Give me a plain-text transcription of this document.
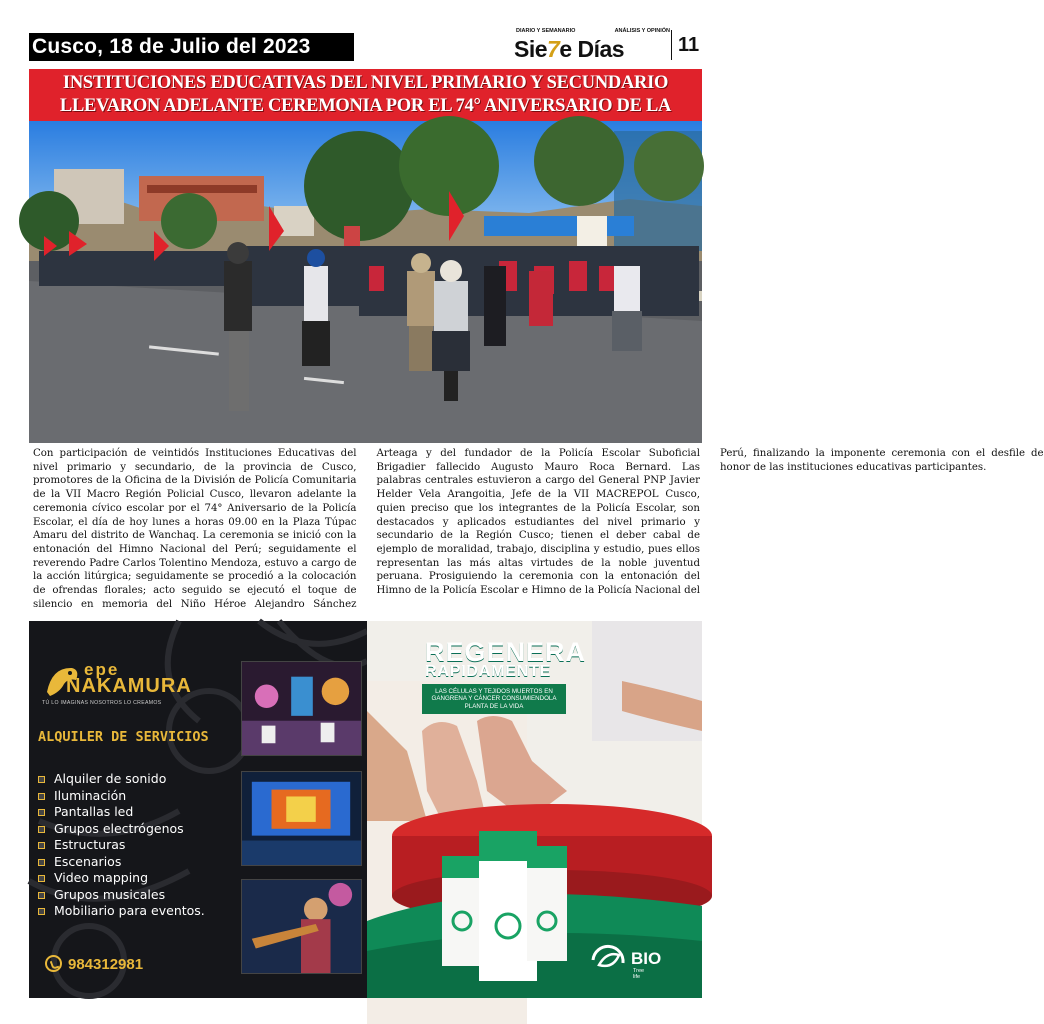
Cusco, 18 de Julio del 2023
DIARIO Y SEMANARIO	ANÁLISIS Y OPINIÓN
Sie7e Días	11
INSTITUCIONES EDUCATIVAS DEL NIVEL PRIMARIO Y SECUNDARIO LLEVARON ADELANTE CEREMONIA POR EL 74° ANIVERSARIO DE LA

Con participación de veintidós Instituciones Educativas del nivel primario y secundario, de la provincia de Cusco, promotores de la Oficina de la División de Policía Comunitaria de la VII Macro Región Policial Cusco, llevaron adelante la ceremonia cívico escolar por el 74° Aniversario de la Policía Escolar, el día de hoy lunes a horas 09.00 en la Plaza Túpac Amaru del distrito de Wanchaq. La ceremonia se inició con la entonación del Himno Nacional del Perú; seguidamente el reverendo Padre Carlos Tolentino Mendoza, estuvo a cargo de la acción litúrgica; seguidamente se procedió a la colocación de ofrendas florales; acto seguido se ejecutó el toque de silencio en memoria del Niño Héroe Alejandro Sánchez Arteaga y del fundador de la Policía Escolar Suboficial Brigadier fallecido Augusto Mauro Roca Bernard. Las palabras centrales estuvieron a cargo del General PNP Javier Helder Vela Arangoitia, Jefe de la VII MACREPOL Cusco, quien preciso que los integrantes de la Policía Escolar, son destacados y aplicados estudiantes del nivel primario y secundario de la Región Cusco; tienen el deber cabal de ejemplo de moralidad, trabajo, disciplina y estudio, pues ellos representan las más altas virtudes de la noble juventud peruana. Prosiguiendo la ceremonia con la entonación del Himno de la Policía Escolar e Himno de la Policía Nacional del Perú, finalizando la imponente ceremonia con el desfile de honor de las instituciones educativas participantes.

epe
NAKAMURA
TÚ LO IMAGINAS NOSOTROS LO CREAMOS
ALQUILER DE SERVICIOS
Alquiler de sonido
Iluminación
Pantallas led
Grupos electrógenos
Estructuras
Escenarios
Video mapping
Grupos musicales
Mobiliario para eventos.
984312981
REGENERA
RAPIDAMENTE
LAS CÉLULAS Y TEJIDOS MUERTOS EN GANGRENA Y CÁNCER CONSUMIENDOLA PLANTA DE LA VIDA
BIO
Tree life
